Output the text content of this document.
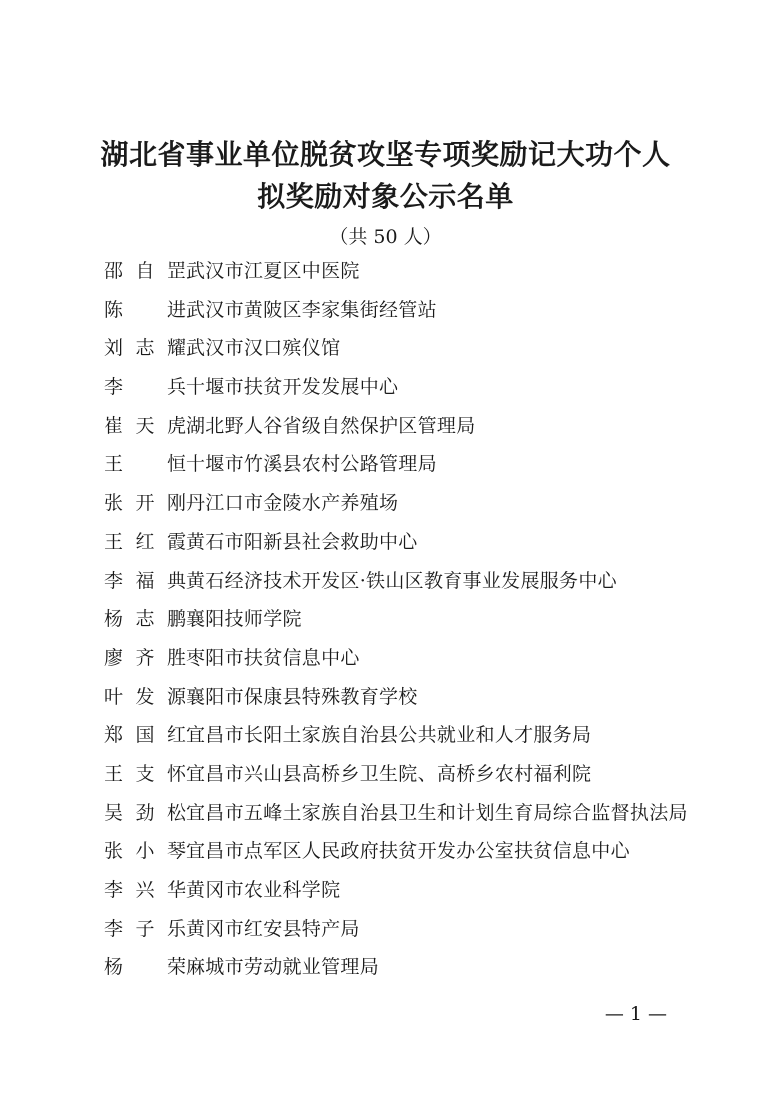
湖北省事业单位脱贫攻坚专项奖励记大功个人
拟奖励对象公示名单
（共 50 人）
邵自罡 武汉市江夏区中医院
陈　进 武汉市黄陂区李家集街经管站
刘志耀 武汉市汉口殡仪馆
李　兵 十堰市扶贫开发发展中心
崔天虎 湖北野人谷省级自然保护区管理局
王　恒 十堰市竹溪县农村公路管理局
张开刚 丹江口市金陵水产养殖场
王红霞 黄石市阳新县社会救助中心
李福典 黄石经济技术开发区·铁山区教育事业发展服务中心
杨志鹏 襄阳技师学院
廖齐胜 枣阳市扶贫信息中心
叶发源 襄阳市保康县特殊教育学校
郑国红 宜昌市长阳土家族自治县公共就业和人才服务局
王支怀 宜昌市兴山县高桥乡卫生院、高桥乡农村福利院
吴劲松 宜昌市五峰土家族自治县卫生和计划生育局综合监督执法局
张小琴 宜昌市点军区人民政府扶贫开发办公室扶贫信息中心
李兴华 黄冈市农业科学院
李子乐 黄冈市红安县特产局
杨　荣 麻城市劳动就业管理局
— 1 —
